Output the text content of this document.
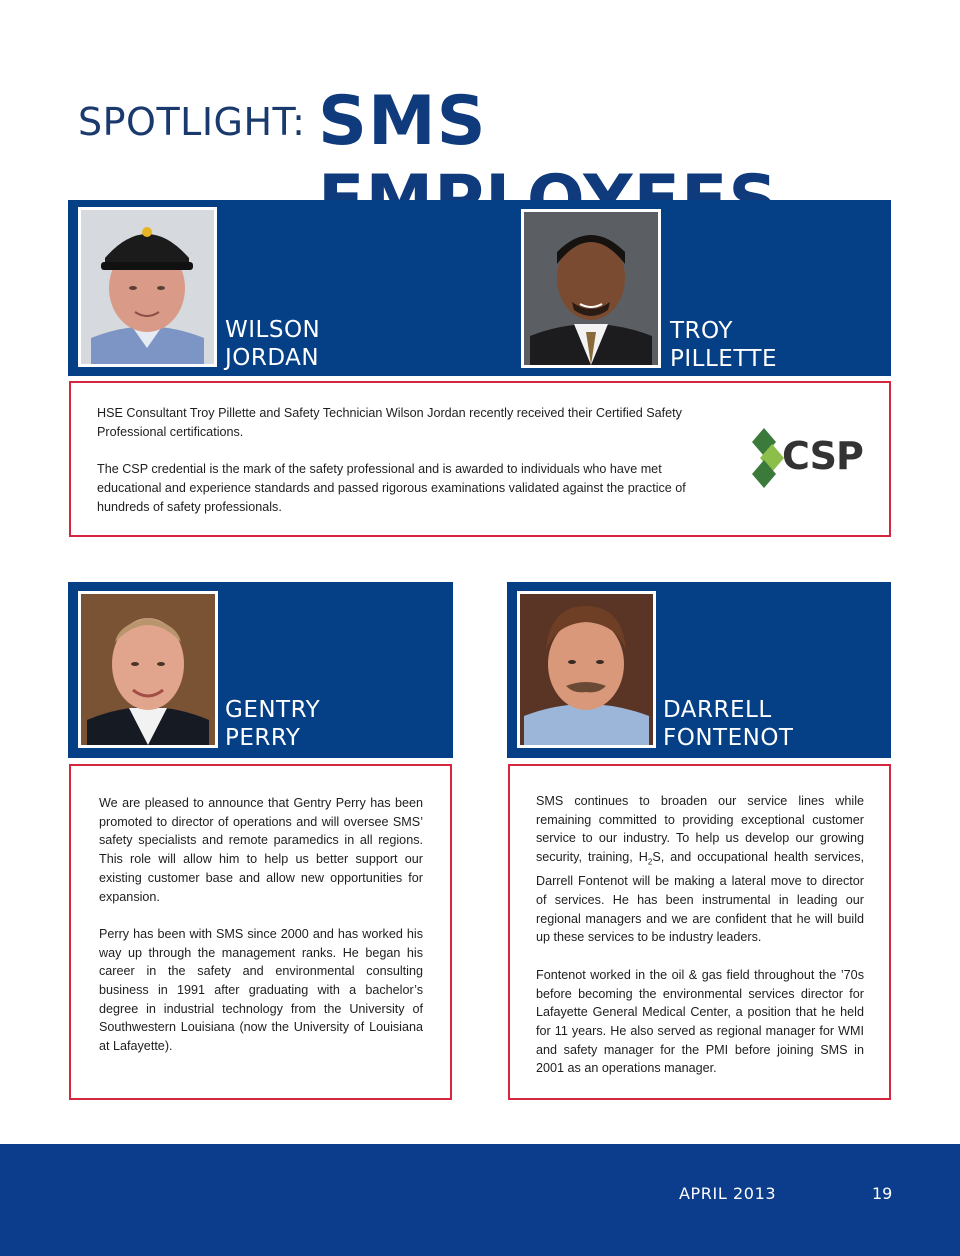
SPOTLIGHT: SMS
WILSON
JORDAN
TROY
PILLETTE

HSE Consultant Troy Pillette and Safety Technician Wilson Jordan recently received their Certified Safety Professional certifications.

The CSP credential is the mark of the safety professional and is awarded to individuals who have met educational and experience standards and passed rigorous examinations validated against the practice of hundreds of safety professionals.

CSP
GENTRY
PERRY

We are pleased to announce that Gentry Perry has been promoted to director of operations and will oversee SMS’ safety specialists and remote paramedics in all regions. This role will allow him to help us better support our existing customer base and allow new opportunities for expansion.

Perry has been with SMS since 2000 and has worked his way up through the management ranks. He began his career in the safety and environmental consulting business in 1991 after graduating with a bachelor’s degree in industrial technology from the University of Southwestern Louisiana (now the University of Louisiana at Lafayette).

DARRELL
FONTENOT

SMS continues to broaden our service lines while remaining committed to providing exceptional customer service to our industry. To help us develop our growing security, training, $H_2S$, and occupational health services, Darrell Fontenot will be making a lateral move to director of services. He has been instrumental in leading our regional managers and we are confident that he will build up these services to be industry leaders.

Fontenot worked in the oil & gas field throughout the ’70s before becoming the environmental services director for Lafayette General Medical Center, a position that he held for 11 years. He also served as regional manager for WMI and safety manager for the PMI before joining SMS in 2001 as an operations manager.

APRIL 2013	19
